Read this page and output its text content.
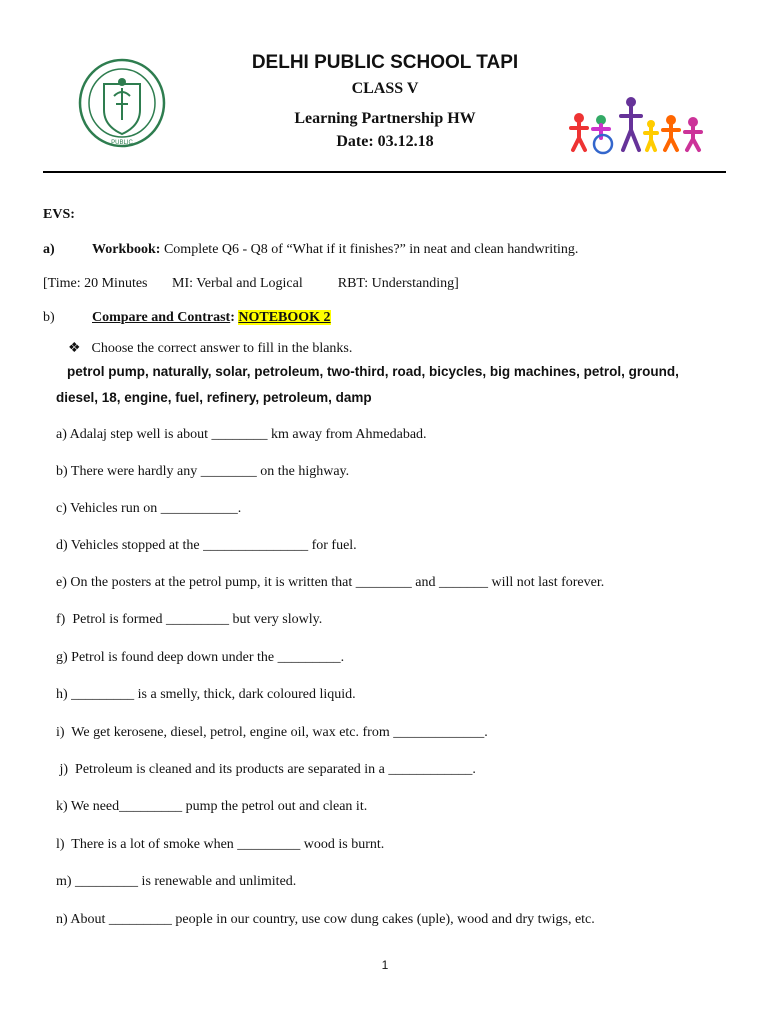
PUBLIC
DELHI PUBLIC SCHOOL TAPI
CLASS V
Learning Partnership HW
Date: 03.12.18
EVS:
a)	Workbook: Complete Q6 - Q8 of “What if it finishes?” in neat and clean handwriting.
[Time: 20 Minutes       MI: Verbal and Logical          RBT: Understanding]
b)	Compare and Contrast: NOTEBOOK 2
❖ Choose the correct answer to fill in the blanks.
petrol pump, naturally, solar, petroleum, two-third, road, bicycles, big machines, petrol, ground,
diesel, 18, engine, fuel, refinery, petroleum, damp
a) Adalaj step well is about ________ km away from Ahmedabad.
b) There were hardly any ________ on the highway.
c) Vehicles run on ___________.
d) Vehicles stopped at the _______________ for fuel.
e) On the posters at the petrol pump, it is written that ________ and _______ will not last forever.
f)  Petrol is formed _________ but very slowly.
g) Petrol is found deep down under the _________.
h) _________ is a smelly, thick, dark coloured liquid.
i)  We get kerosene, diesel, petrol, engine oil, wax etc. from _____________.
j)  Petroleum is cleaned and its products are separated in a ____________.
k) We need_________ pump the petrol out and clean it.
l)  There is a lot of smoke when _________ wood is burnt.
m) _________ is renewable and unlimited.
n) About _________ people in our country, use cow dung cakes (uple), wood and dry twigs, etc.
1
